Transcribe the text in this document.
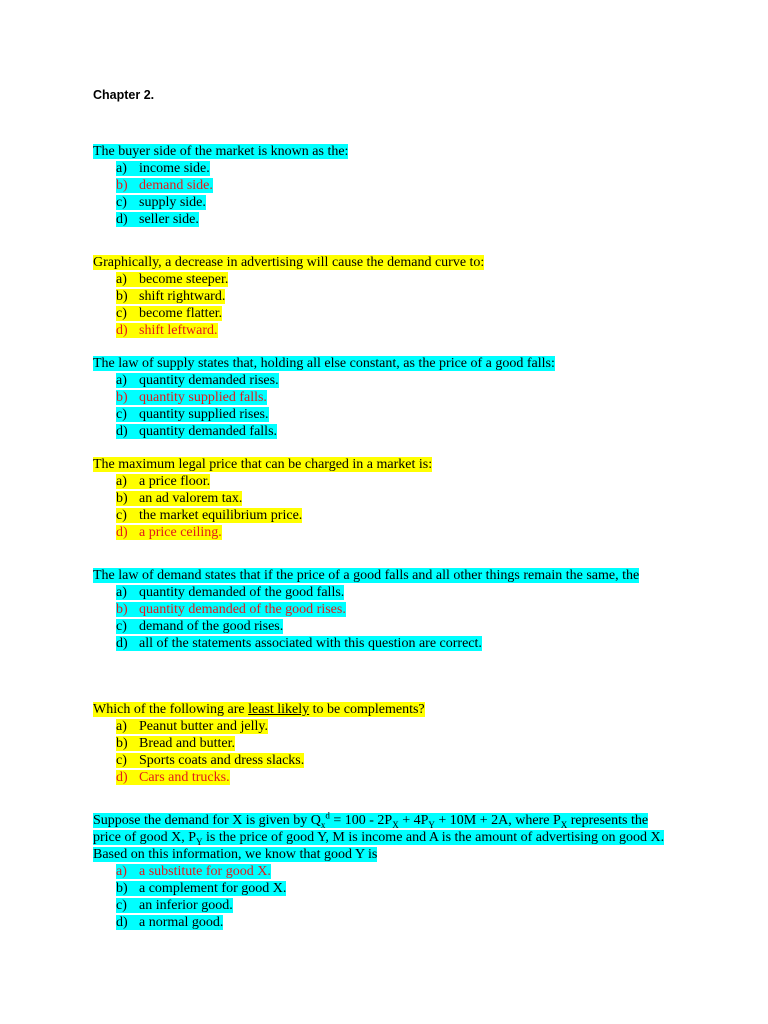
Chapter 2.
The buyer side of the market is known as the:
a) income side.
b) demand side.
c) supply side.
d) seller side.
Graphically, a decrease in advertising will cause the demand curve to:
a) become steeper.
b) shift rightward.
c) become flatter.
d) shift leftward.
The law of supply states that, holding all else constant, as the price of a good falls:
a) quantity demanded rises.
b) quantity supplied falls.
c) quantity supplied rises.
d) quantity demanded falls.
The maximum legal price that can be charged in a market is:
a) a price floor.
b) an ad valorem tax.
c) the market equilibrium price.
d) a price ceiling.
The law of demand states that if the price of a good falls and all other things remain the same, the
a) quantity demanded of the good falls.
b) quantity demanded of the good rises.
c) demand of the good rises.
d) all of the statements associated with this question are correct.
Which of the following are least likely to be complements?
a) Peanut butter and jelly.
b) Bread and butter.
c) Sports coats and dress slacks.
d) Cars and trucks.
Suppose the demand for X is given by $Q_x^d = 100 - 2P_X + 4P_Y + 10M + 2A$, where $P_X$ represents the price of good X, $P_Y$ is the price of good Y, M is income and A is the amount of advertising on good X. Based on this information, we know that good Y is
a) a substitute for good X.
b) a complement for good X.
c) an inferior good.
d) a normal good.
